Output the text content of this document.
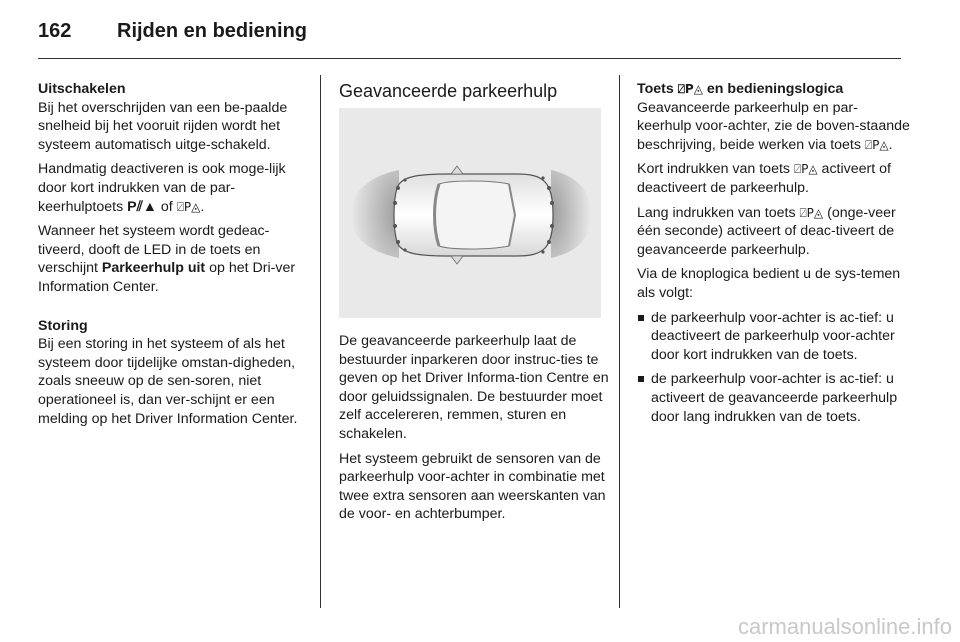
162 Rijden en bediening

Uitschakelen

Bij het overschrijden van een be-paalde snelheid bij het vooruit rijden wordt het systeem automatisch uitge-schakeld.

Handmatig deactiveren is ook moge-lijk door kort indrukken van de par-keerhulptoets P⫽▲ of ⍁P◬.

Wanneer het systeem wordt gedeac-tiveerd, dooft de LED in de toets en verschijnt Parkeerhulp uit op het Dri-ver Information Center.

Storing

Bij een storing in het systeem of als het systeem door tijdelijke omstan-digheden, zoals sneeuw op de sen-soren, niet operationeel is, dan ver-schijnt er een melding op het Driver Information Center.

Geavanceerde parkeerhulp

De geavanceerde parkeerhulp laat de bestuurder inparkeren door instruc-ties te geven op het Driver Informa-tion Centre en door geluidssignalen. De bestuurder moet zelf accelereren, remmen, sturen en schakelen.

Het systeem gebruikt de sensoren van de parkeerhulp voor-achter in combinatie met twee extra sensoren aan weerskanten van de voor- en achterbumper.

Toets ⍁P◬ en bedieningslogica

Geavanceerde parkeerhulp en par-keerhulp voor-achter, zie de boven-staande beschrijving, beide werken via toets ⍁P◬.

Kort indrukken van toets ⍁P◬ activeert of deactiveert de parkeerhulp.

Lang indrukken van toets ⍁P◬ (onge-veer één seconde) activeert of deac-tiveert de geavanceerde parkeerhulp.

Via de knoplogica bedient u de sys-temen als volgt:

de parkeerhulp voor-achter is ac-tief: u deactiveert de parkeerhulp voor-achter door kort indrukken van de toets.
de parkeerhulp voor-achter is ac-tief: u activeert de geavanceerde parkeerhulp door lang indrukken van de toets.
carmanualsonline.info
